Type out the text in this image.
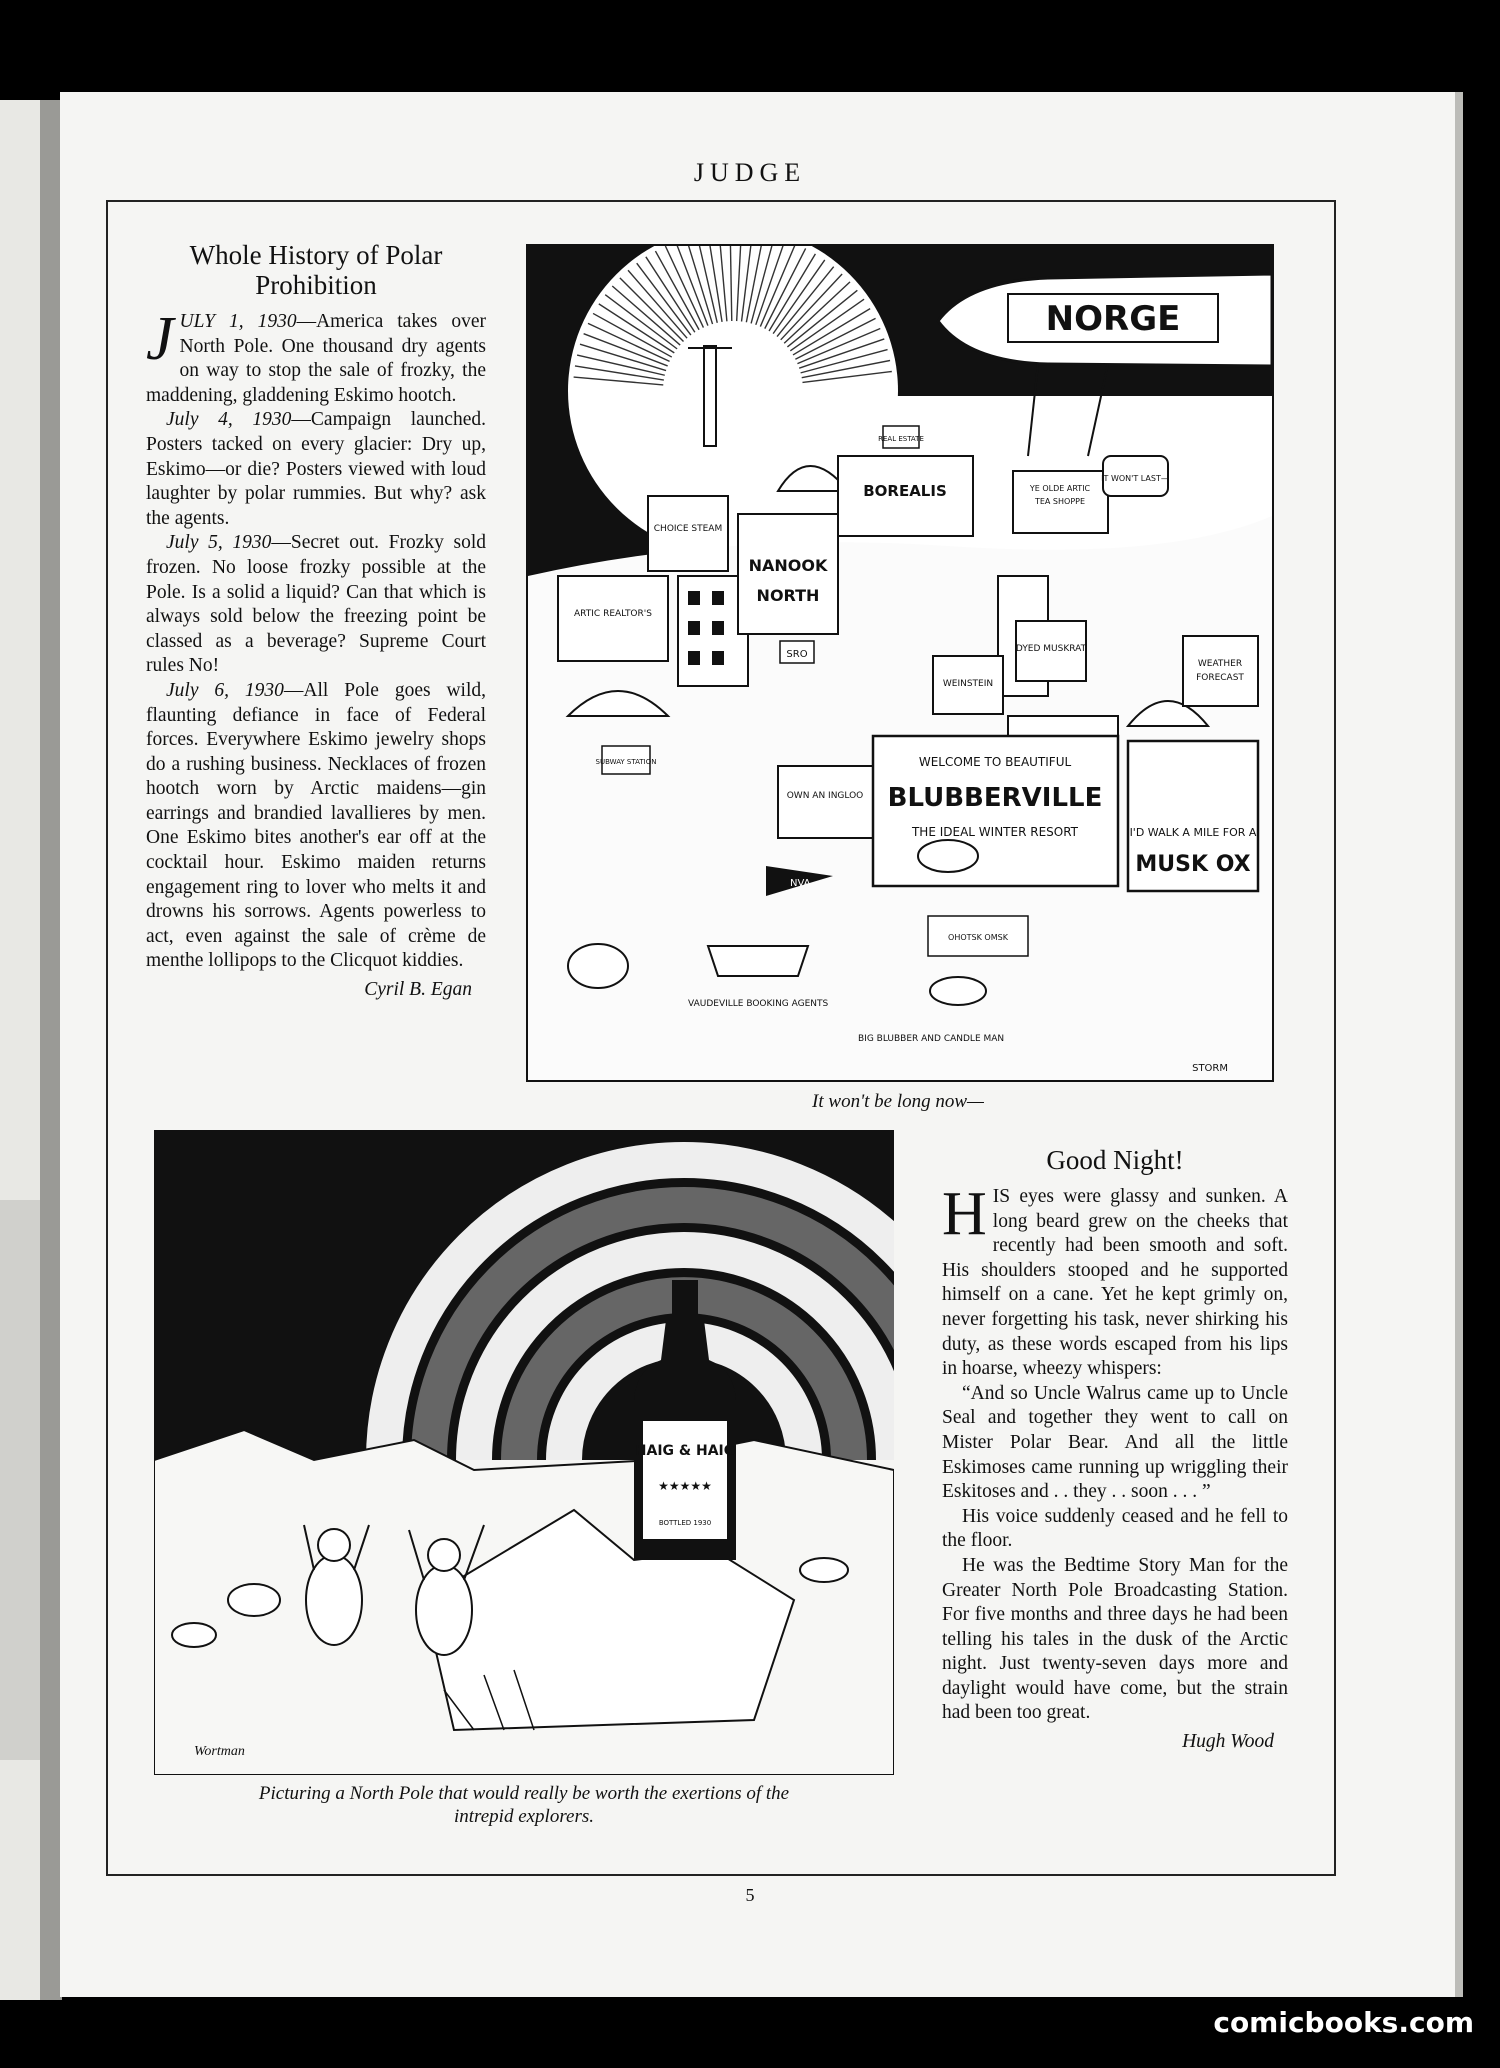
JUDGE
Whole History of Polar Prohibition

JULY 1, 1930—America takes over North Pole. One thousand dry agents on way to stop the sale of frozky, the maddening, gladdening Eskimo hootch.

July 4, 1930—Campaign launched. Posters tacked on every glacier: Dry up, Eskimo—or die? Posters viewed with loud laughter by polar rummies. But why? ask the agents.

July 5, 1930—Secret out. Frozky sold frozen. No loose frozky possible at the Pole. Is a solid a liquid? Can that which is always sold below the freezing point be classed as a beverage? Supreme Court rules No!

July 6, 1930—All Pole goes wild, flaunting defiance in face of Federal forces. Everywhere Eskimo jewelry shops do a rushing business. Necklaces of frozen hootch worn by Arctic maidens—gin earrings and brandied lavallieres by men. One Eskimo bites another's ear off at the cocktail hour. Eskimo maiden returns engagement ring to lover who melts it and drowns his sorrows. Agents powerless to act, even against the sale of crème de menthe lollipops to the Clicquot kiddies.

Cyril B. Egan
NORGE
REAL ESTATE
BOREALIS	YE OLDE ARTIC
TEA SHOPPE
IT WON'T LAST—
CHOICE STEAM
NANOOK
NORTH
ARTIC REALTOR'S
WEATHER
FORECAST
DYED MUSKRAT
WEINSTEIN
SRO
SUBWAY STATION
OWN AN INGLOO
WELCOME TO BEAUTIFUL
BLUBBERVILLE
THE IDEAL WINTER RESORT	I'D WALK A MILE FOR A
MUSK OX
NVA
OHOTSK OMSK
VAUDEVILLE BOOKING AGENTS
BIG BLUBBER AND CANDLE MAN
STORM
It won't be long now—
HAIG & HAIG
★★★★★
BOTTLED 1930
Wortman
Picturing a North Pole that would really be worth the exertions of the
intrepid explorers.
Good Night!

HIS eyes were glassy and sunken. A long beard grew on the cheeks that recently had been smooth and soft. His shoulders stooped and he supported himself on a cane. Yet he kept grimly on, never forgetting his task, never shirking his duty, as these words escaped from his lips in hoarse, wheezy whispers:

“And so Uncle Walrus came up to Uncle Seal and together they went to call on Mister Polar Bear. And all the little Eskimoses came running up wriggling their Eskitoses and . . they . . soon . . . ”

His voice suddenly ceased and he fell to the floor.

He was the Bedtime Story Man for the Greater North Pole Broadcasting Station. For five months and three days he had been telling his tales in the dusk of the Arctic night. Just twenty-seven days more and daylight would have come, but the strain had been too great.

Hugh Wood
5
comicbooks.com
